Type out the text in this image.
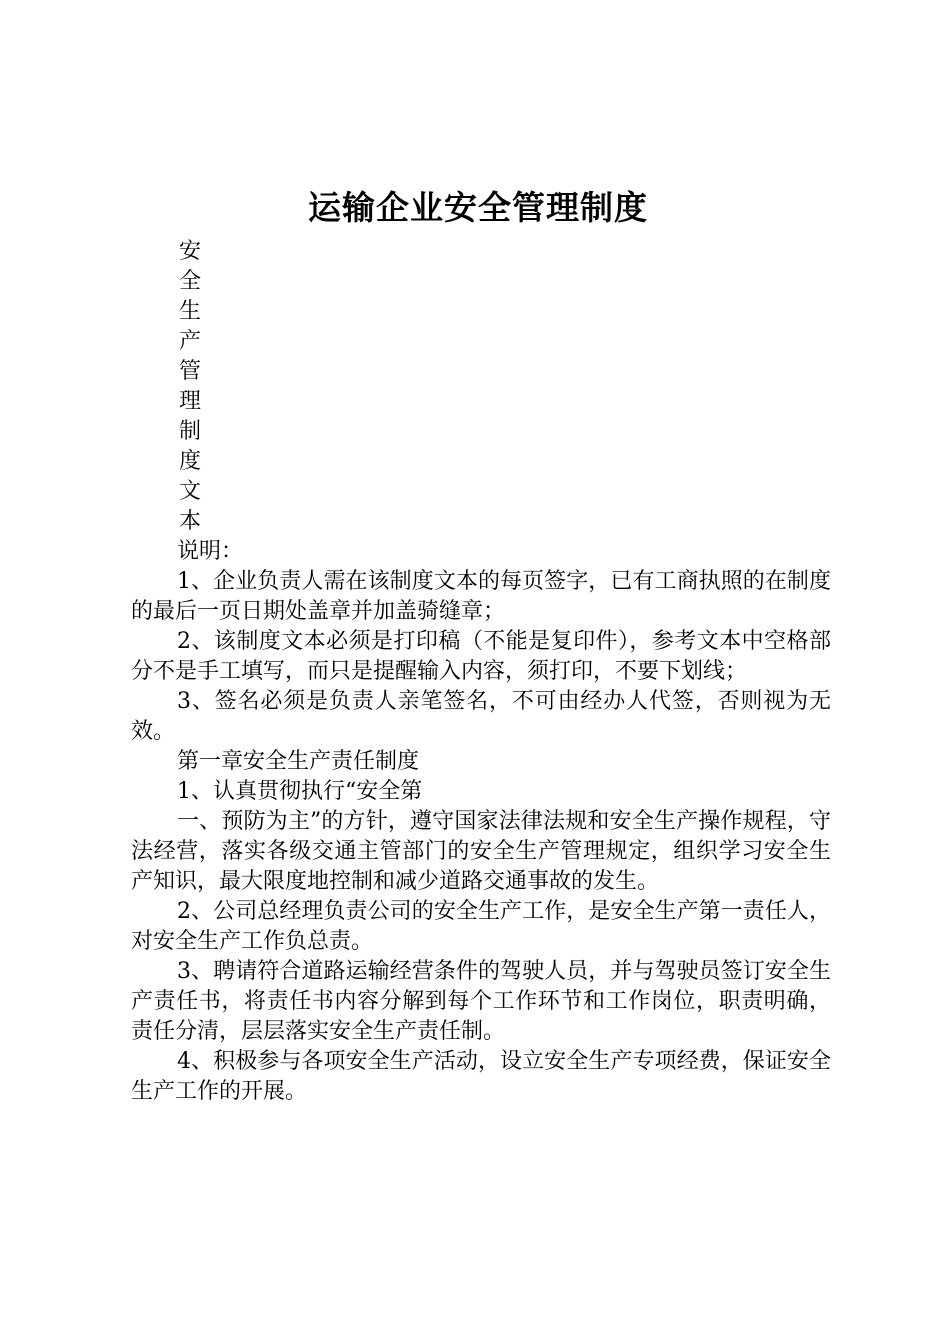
运输企业安全管理制度
安
全
生
产
管
理
制
度
文
本

说明：

1、企业负责人需在该制度文本的每页签字，已有工商执照的在制度的最后一页日期处盖章并加盖骑缝章；

2、该制度文本必须是打印稿（不能是复印件），参考文本中空格部分不是手工填写，而只是提醒输入内容，须打印，不要下划线；

3、签名必须是负责人亲笔签名，不可由经办人代签，否则视为无效。

第一章安全生产责任制度

1、认真贯彻执行“安全第

一、预防为主”的方针，遵守国家法律法规和安全生产操作规程，守法经营，落实各级交通主管部门的安全生产管理规定，组织学习安全生产知识，最大限度地控制和减少道路交通事故的发生。

2、公司总经理负责公司的安全生产工作，是安全生产第一责任人，对安全生产工作负总责。

3、聘请符合道路运输经营条件的驾驶人员，并与驾驶员签订安全生产责任书，将责任书内容分解到每个工作环节和工作岗位，职责明确，责任分清，层层落实安全生产责任制。

4、积极参与各项安全生产活动，设立安全生产专项经费，保证安全生产工作的开展。
